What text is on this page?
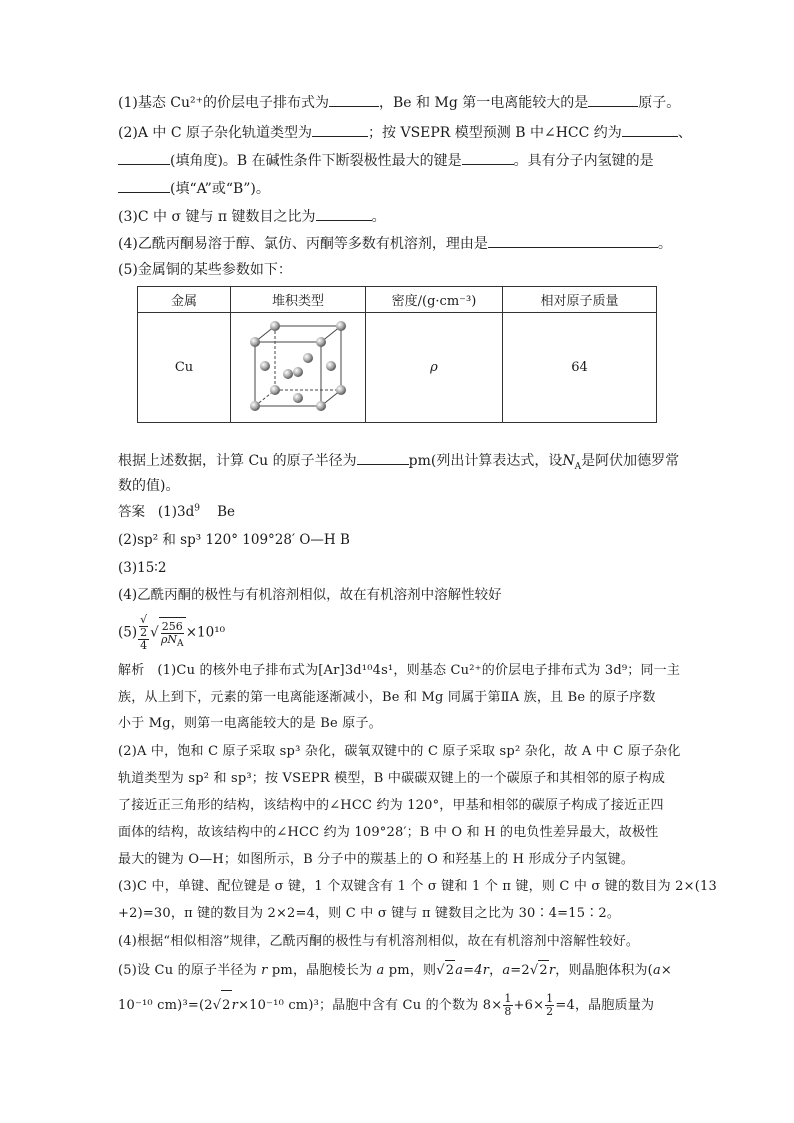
(1)基态 Cu²⁺的价层电子排布式为	，Be 和 Mg 第一电离能较大的是	原子。
(2)A 中 C 原子杂化轨道类型为	；按 VSEPR 模型预测 B 中∠HCC 约为	、
(填角度)。B 在碱性条件下断裂极性最大的键是	。具有分子内氢键的是
(填“A”或“B”)。
(3)C 中 σ 键与 π 键数目之比为	。
(4)乙酰丙酮易溶于醇、氯仿、丙酮等多数有机溶剂，理由是	。
(5)金属铜的某些参数如下：
金属	堆积类型	密度/(g·cm⁻³)	相对原子质量
Cu		ρ	64
根据上述数据，计算 Cu 的原子半径为	pm(列出计算表达式，设$N_A$是阿伏加德罗常
数的值)。
答案 $(1)3d^9$ Be
(2)sp² 和 sp³ 120° 109°28′ O—H B
(3)15∶2
(4)乙酰丙酮的极性与有机溶剂相似，故在有机溶剂中溶解性较好
(5) √
2
4 √ $\frac{256}{\rho N_A} \times 10^{10}$
解析 (1)Cu 的核外电子排布式为[Ar]3d¹⁰4s¹，则基态 Cu²⁺的价层电子排布式为 3d⁹；同一主
族，从上到下，元素的第一电离能逐渐减小，Be 和 Mg 同属于第ⅡA 族，且 Be 的原子序数
小于 Mg，则第一电离能较大的是 Be 原子。
(2)A 中，饱和 C 原子采取 sp³ 杂化，碳氧双键中的 C 原子采取 sp² 杂化，故 A 中 C 原子杂化
轨道类型为 sp² 和 sp³；按 VSEPR 模型，B 中碳碳双键上的一个碳原子和其相邻的原子构成
了接近正三角形的结构，该结构中的∠HCC 约为 120°，甲基和相邻的碳原子构成了接近正四
面体的结构，故该结构中的∠HCC 约为 109°28′；B 中 O 和 H 的电负性差异最大，故极性
最大的键为 O—H；如图所示，B 分子中的羰基上的 O 和羟基上的 H 形成分子内氢键。
(3)C 中，单键、配位键是 σ 键，1 个双键含有 1 个 σ 键和 1 个 π 键，则 C 中 σ 键的数目为 2×(13
+2)=30，π 键的数目为 2×2=4，则 C 中 σ 键与 π 键数目之比为 30∶4=15∶2。
(4)根据“相似相溶”规律，乙酰丙酮的极性与有机溶剂相似，故在有机溶剂中溶解性较好。
(5)设 Cu 的原子半径为 r pm，晶胞棱长为 a pm，则√2a=4r，a=2√2r，则晶胞体积为(a×
10⁻¹⁰ cm)³=(2√2r×10⁻¹⁰ cm)³；晶胞中含有 Cu 的个数为 $8\times \frac{1}{8} +6\times \frac{1}{2} =4$，晶胞质量为
